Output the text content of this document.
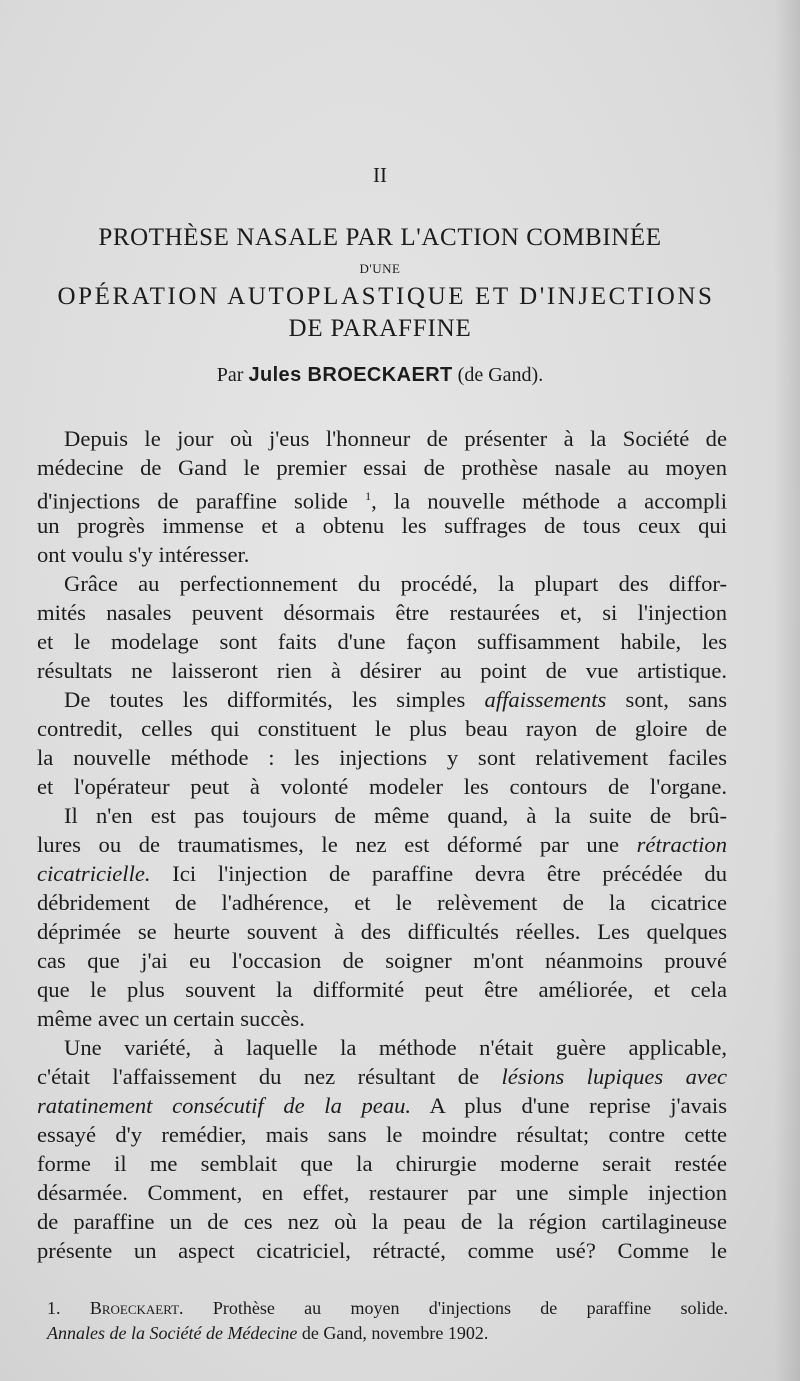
II
PROTHÈSE NASALE PAR L'ACTION COMBINÉE
D'UNE
OPÉRATION AUTOPLASTIQUE ET D'INJECTIONS
DE PARAFFINE
Par Jules BROECKAERT (de Gand).
Depuis le jour où j'eus l'honneur de présenter à la Société de
médecine de Gand le premier essai de prothèse nasale au moyen
d'injections de paraffine solide $^1$, la nouvelle méthode a accompli
un progrès immense et a obtenu les suffrages de tous ceux qui
ont voulu s'y intéresser.
Grâce au perfectionnement du procédé, la plupart des diffor-
mités nasales peuvent désormais être restaurées et, si l'injection
et le modelage sont faits d'une façon suffisamment habile, les
résultats ne laisseront rien à désirer au point de vue artistique.
De toutes les difformités, les simples affaissements sont, sans
contredit, celles qui constituent le plus beau rayon de gloire de
la nouvelle méthode : les injections y sont relativement faciles
et l'opérateur peut à volonté modeler les contours de l'organe.
Il n'en est pas toujours de même quand, à la suite de brû-
lures ou de traumatismes, le nez est déformé par une rétraction
cicatricielle. Ici l'injection de paraffine devra être précédée du
débridement de l'adhérence, et le relèvement de la cicatrice
déprimée se heurte souvent à des difficultés réelles. Les quelques
cas que j'ai eu l'occasion de soigner m'ont néanmoins prouvé
que le plus souvent la difformité peut être améliorée, et cela
même avec un certain succès.
Une variété, à laquelle la méthode n'était guère applicable,
c'était l'affaissement du nez résultant de lésions lupiques avec
ratatinement consécutif de la peau. A plus d'une reprise j'avais
essayé d'y remédier, mais sans le moindre résultat; contre cette
forme il me semblait que la chirurgie moderne serait restée
désarmée. Comment, en effet, restaurer par une simple injection
de paraffine un de ces nez où la peau de la région cartilagineuse
présente un aspect cicatriciel, rétracté, comme usé? Comme le
1. Broeckaert. Prothèse au moyen d'injections de paraffine solide.
Annales de la Société de Médecine de Gand, novembre 1902.
